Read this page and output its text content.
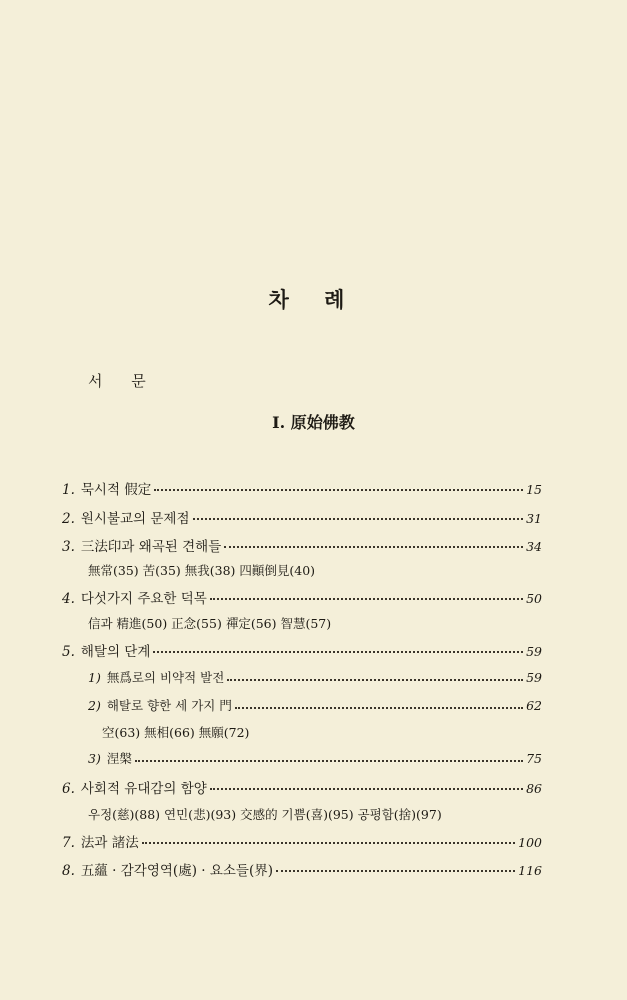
차 례
서 문
Ⅰ. 原始佛教
1. 묵시적 假定	15
2. 원시불교의 문제점	31
3. 三法印과 왜곡된 견해들	34
無常(35) 苦(35) 無我(38) 四顚倒見(40)
4. 다섯가지 주요한 덕목	50
信과 精進(50) 正念(55) 禪定(56) 智慧(57)
5. 해탈의 단계	59
1) 無爲로의 비약적 발전	59
2) 해탈로 향한 세 가지 門	62
空(63) 無相(66) 無願(72)
3) 涅槃	75
6. 사회적 유대감의 함양	86
우정(慈)(88) 연민(悲)(93) 交感的 기쁨(喜)(95) 공평함(捨)(97)
7. 法과 諸法	100
8. 五蘊 · 감각영역(處) · 요소들(界)	116
